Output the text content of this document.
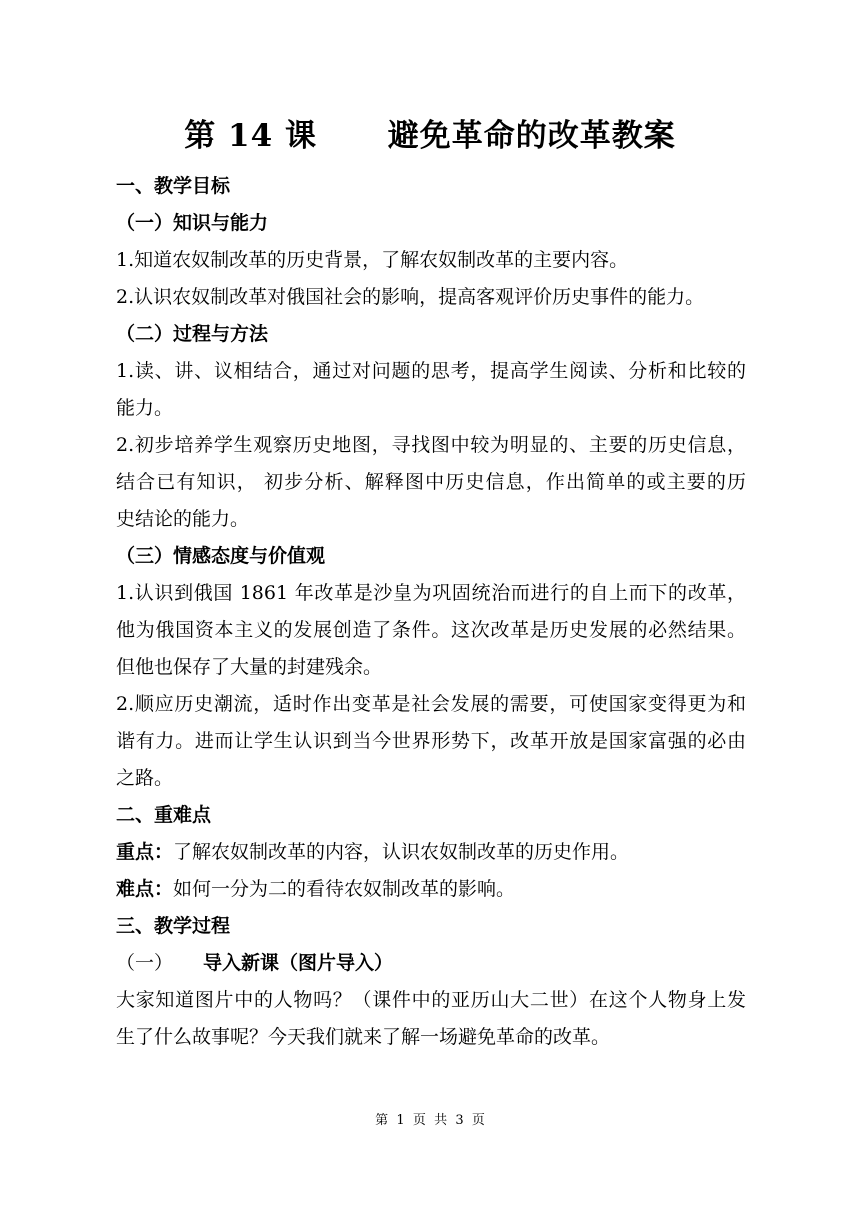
第 14 课      避免革命的改革教案
一、教学目标
（一）知识与能力
1.知道农奴制改革的历史背景，了解农奴制改革的主要内容。
2.认识农奴制改革对俄国社会的影响，提高客观评价历史事件的能力。
（二）过程与方法
1.读、讲、议相结合，通过对问题的思考，提高学生阅读、分析和比较的
能力。
2.初步培养学生观察历史地图，寻找图中较为明显的、主要的历史信息，
结合已有知识， 初步分析、解释图中历史信息，作出简单的或主要的历
史结论的能力。
（三）情感态度与价值观
1.认识到俄国 1861 年改革是沙皇为巩固统治而进行的自上而下的改革，
他为俄国资本主义的发展创造了条件。这次改革是历史发展的必然结果。
但他也保存了大量的封建残余。
2.顺应历史潮流，适时作出变革是社会发展的需要，可使国家变得更为和
谐有力。进而让学生认识到当今世界形势下，改革开放是国家富强的必由
之路。
二、重难点
重点：了解农奴制改革的内容，认识农奴制改革的历史作用。
难点：如何一分为二的看待农奴制改革的影响。
三、教学过程
（一） 导入新课（图片导入）
大家知道图片中的人物吗？（课件中的亚历山大二世）在这个人物身上发
生了什么故事呢？今天我们就来了解一场避免革命的改革。
第  1  页  共  3  页
